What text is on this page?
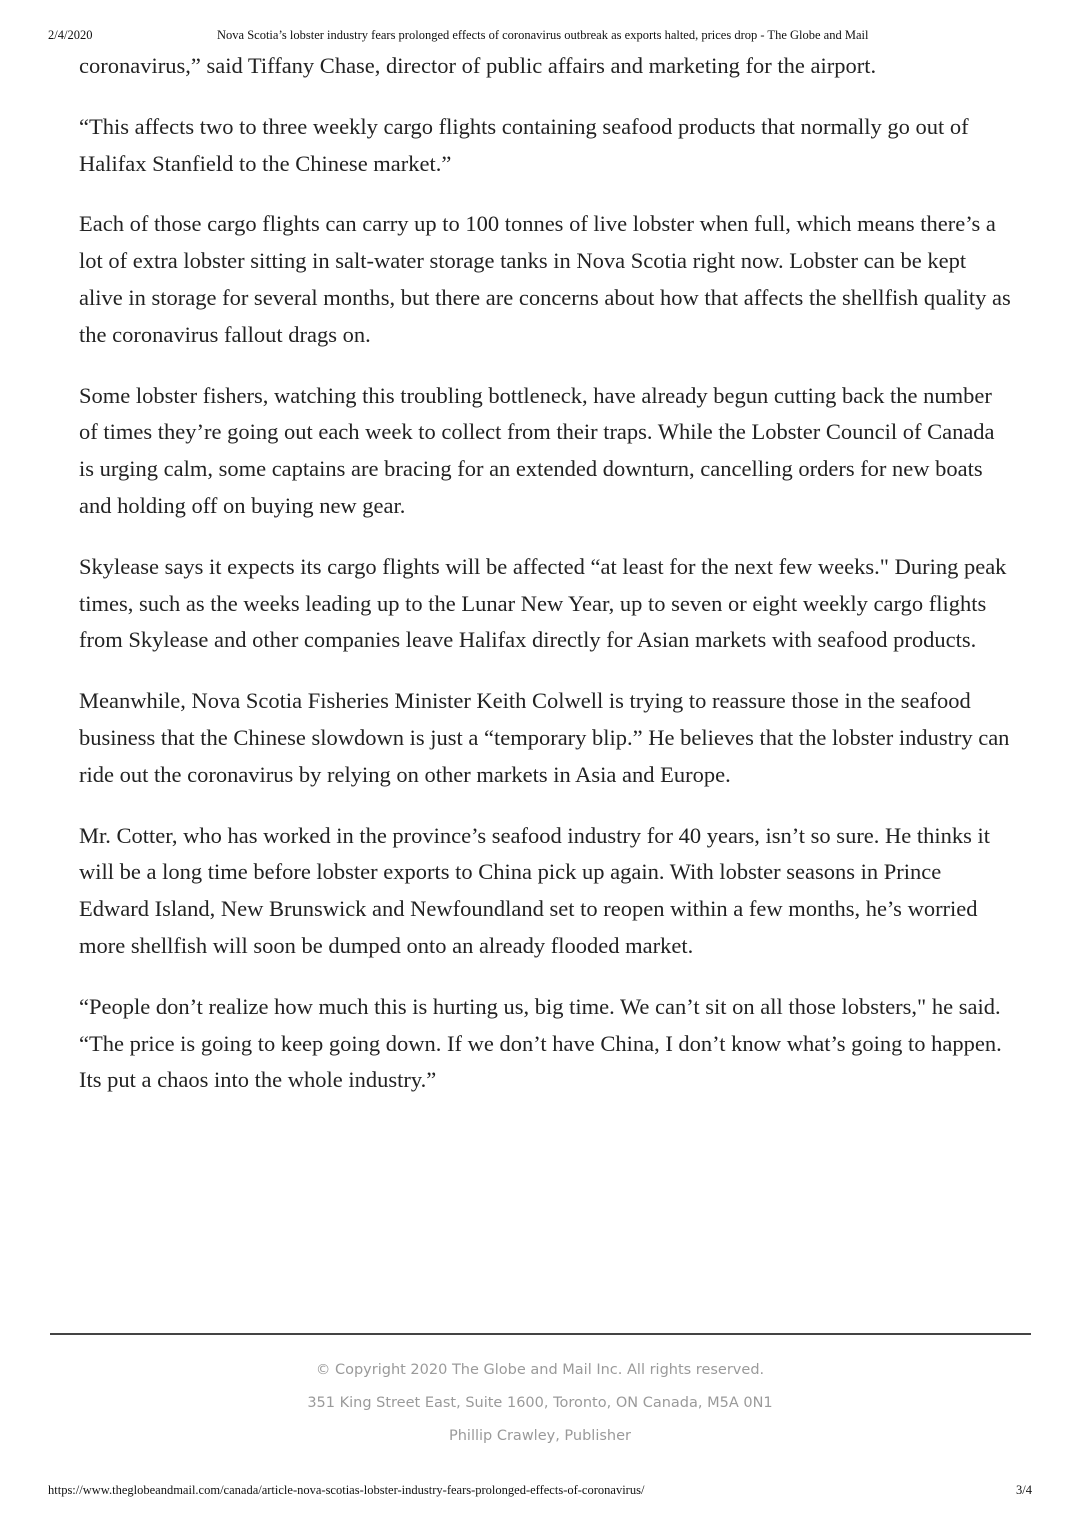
2/4/2020	Nova Scotia’s lobster industry fears prolonged effects of coronavirus outbreak as exports halted, prices drop - The Globe and Mail

coronavirus,” said Tiffany Chase, director of public affairs and marketing for the airport.

“This affects two to three weekly cargo flights containing seafood products that normally go out of Halifax Stanfield to the Chinese market.”

Each of those cargo flights can carry up to 100 tonnes of live lobster when full, which means there’s a lot of extra lobster sitting in salt-water storage tanks in Nova Scotia right now. Lobster can be kept alive in storage for several months, but there are concerns about how that affects the shellfish quality as the coronavirus fallout drags on.

Some lobster fishers, watching this troubling bottleneck, have already begun cutting back the number of times they’re going out each week to collect from their traps. While the Lobster Council of Canada is urging calm, some captains are bracing for an extended downturn, cancelling orders for new boats and holding off on buying new gear.

Skylease says it expects its cargo flights will be affected “at least for the next few weeks." During peak times, such as the weeks leading up to the Lunar New Year, up to seven or eight weekly cargo flights from Skylease and other companies leave Halifax directly for Asian markets with seafood products.

Meanwhile, Nova Scotia Fisheries Minister Keith Colwell is trying to reassure those in the seafood business that the Chinese slowdown is just a “temporary blip.” He believes that the lobster industry can ride out the coronavirus by relying on other markets in Asia and Europe.

Mr. Cotter, who has worked in the province’s seafood industry for 40 years, isn’t so sure. He thinks it will be a long time before lobster exports to China pick up again. With lobster seasons in Prince Edward Island, New Brunswick and Newfoundland set to reopen within a few months, he’s worried more shellfish will soon be dumped onto an already flooded market.

“People don’t realize how much this is hurting us, big time. We can’t sit on all those lobsters," he said. “The price is going to keep going down. If we don’t have China, I don’t know what’s going to happen. Its put a chaos into the whole industry.”

© Copyright 2020 The Globe and Mail Inc. All rights reserved.
351 King Street East, Suite 1600, Toronto, ON Canada, M5A 0N1
Phillip Crawley, Publisher
https://www.theglobeandmail.com/canada/article-nova-scotias-lobster-industry-fears-prolonged-effects-of-coronavirus/	3/4
